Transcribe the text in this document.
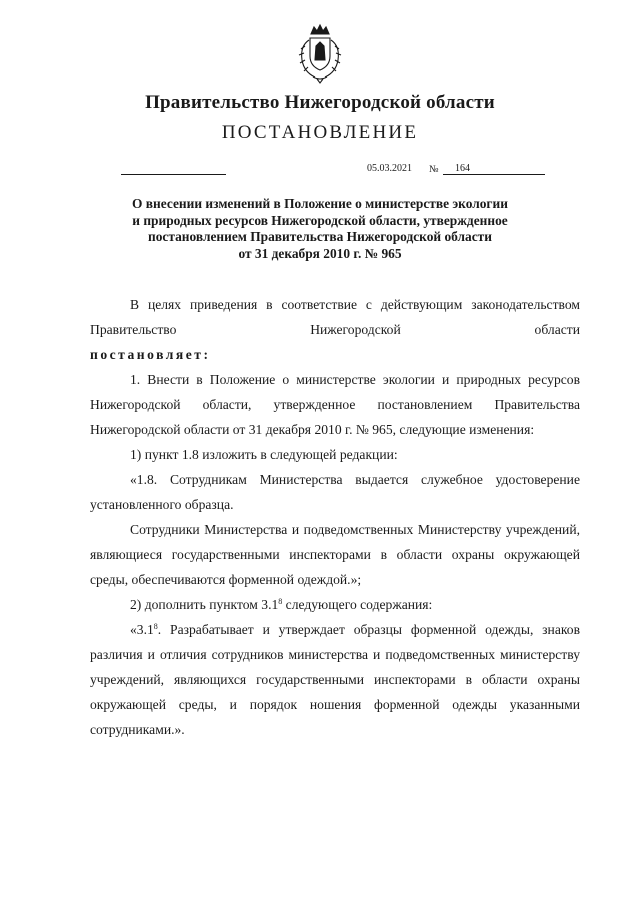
Правительство Нижегородской области
ПОСТАНОВЛЕНИЕ
05.03.2021 № 164
О внесении изменений в Положение о министерстве экологии
и природных ресурсов Нижегородской области, утвержденное
постановлением Правительства Нижегородской области
от 31 декабря 2010 г. № 965

В целях приведения в соответствие с действующим законодательством Правительство Нижегородской области

постановляет:

1. Внести в Положение о министерстве экологии и природных ресурсов Нижегородской области, утвержденное постановлением Правительства Нижегородской области от 31 декабря 2010 г. № 965, следующие изменения:

1) пункт 1.8 изложить в следующей редакции:

«1.8. Сотрудникам Министерства выдается служебное удостоверение установленного образца.

Сотрудники Министерства и подведомственных Министерству учреждений, являющиеся государственными инспекторами в области охраны окружающей среды, обеспечиваются форменной одеждой.»;

2) дополнить пунктом $3.1^8$ следующего содержания:

«$3.1^8$. Разрабатывает и утверждает образцы форменной одежды, знаков различия и отличия сотрудников министерства и подведомственных министерству учреждений, являющихся государственными инспекторами в области охраны окружающей среды, и порядок ношения форменной одежды указанными сотрудниками.».
